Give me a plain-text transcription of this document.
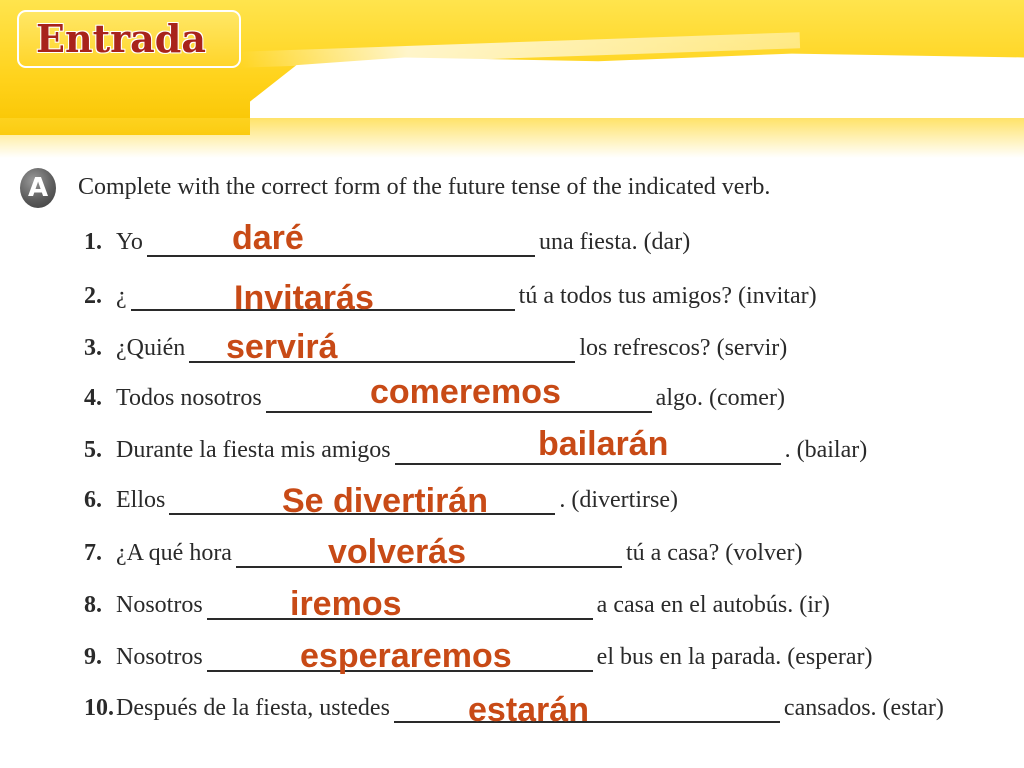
Entrada
A	Complete with the correct form of the future tense of the indicated verb.
1. Yo	una fiesta. (dar)
daré
2. ¿	tú a todos tus amigos? (invitar)
Invitarás
3. ¿Quién	los refrescos? (servir)
servirá
4. Todos nosotros	algo. (comer)
comeremos
5. Durante la fiesta mis amigos	. (bailar)
bailarán
6. Ellos	. (divertirse)
Se divertirán
7. ¿A qué hora	tú a casa? (volver)
volverás
8. Nosotros	a casa en el autobús. (ir)
iremos
9. Nosotros	el bus en la parada. (esperar)
esperaremos
10.Después de la fiesta, ustedes	cansados. (estar)
estarán
